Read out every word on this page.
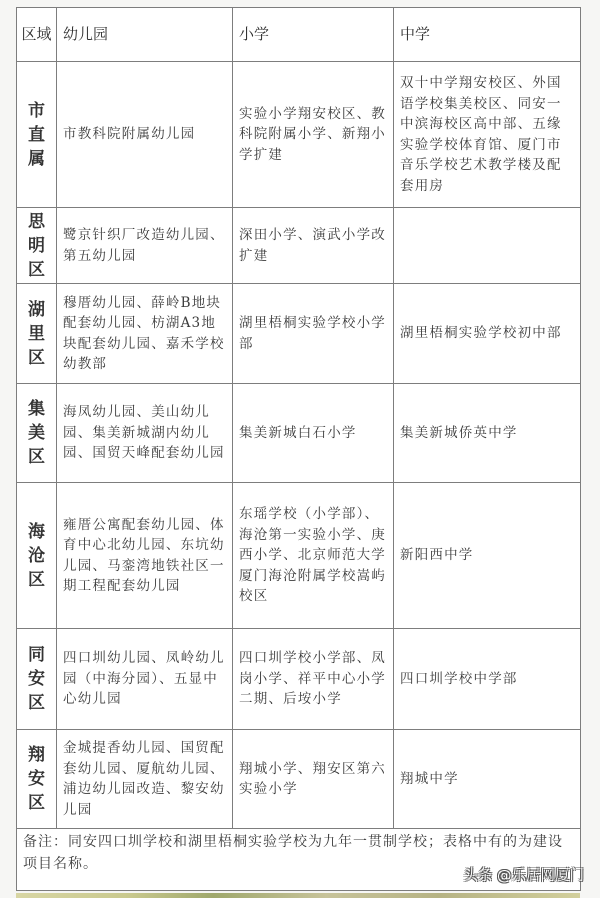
区域	幼儿园	小学	中学
市直属	市教科院附属幼儿园	实验小学翔安校区、教科院附属小学、新翔小学扩建	双十中学翔安校区、外国语学校集美校区、同安一中滨海校区高中部、五缘实验学校体育馆、厦门市音乐学校艺术教学楼及配套用房
思明区	鹭京针织厂改造幼儿园、第五幼儿园	深田小学、演武小学改扩建	
湖里区	穆厝幼儿园、薛岭B地块配套幼儿园、枋湖A3地块配套幼儿园、嘉禾学校幼教部	湖里梧桐实验学校小学部	湖里梧桐实验学校初中部
集美区	海凤幼儿园、美山幼儿园、集美新城湖内幼儿园、国贸天峰配套幼儿园	集美新城白石小学	集美新城侨英中学
海沧区	雍厝公寓配套幼儿园、体育中心北幼儿园、东坑幼儿园、马銮湾地铁社区一期工程配套幼儿园	东瑶学校（小学部）、海沧第一实验小学、庚西小学、北京师范大学厦门海沧附属学校嵩屿校区	新阳西中学
同安区	四口圳幼儿园、凤岭幼儿园（中海分园）、五显中心幼儿园	四口圳学校小学部、凤岗小学、祥平中心小学二期、后垵小学	四口圳学校中学部
翔安区	金城提香幼儿园、国贸配套幼儿园、厦航幼儿园、浦边幼儿园改造、黎安幼儿园	翔城小学、翔安区第六实验小学	翔城中学
备注：同安四口圳学校和湖里梧桐实验学校为九年一贯制学校；表格中有的为建设项目名称。			
头条 @乐居网厦门
